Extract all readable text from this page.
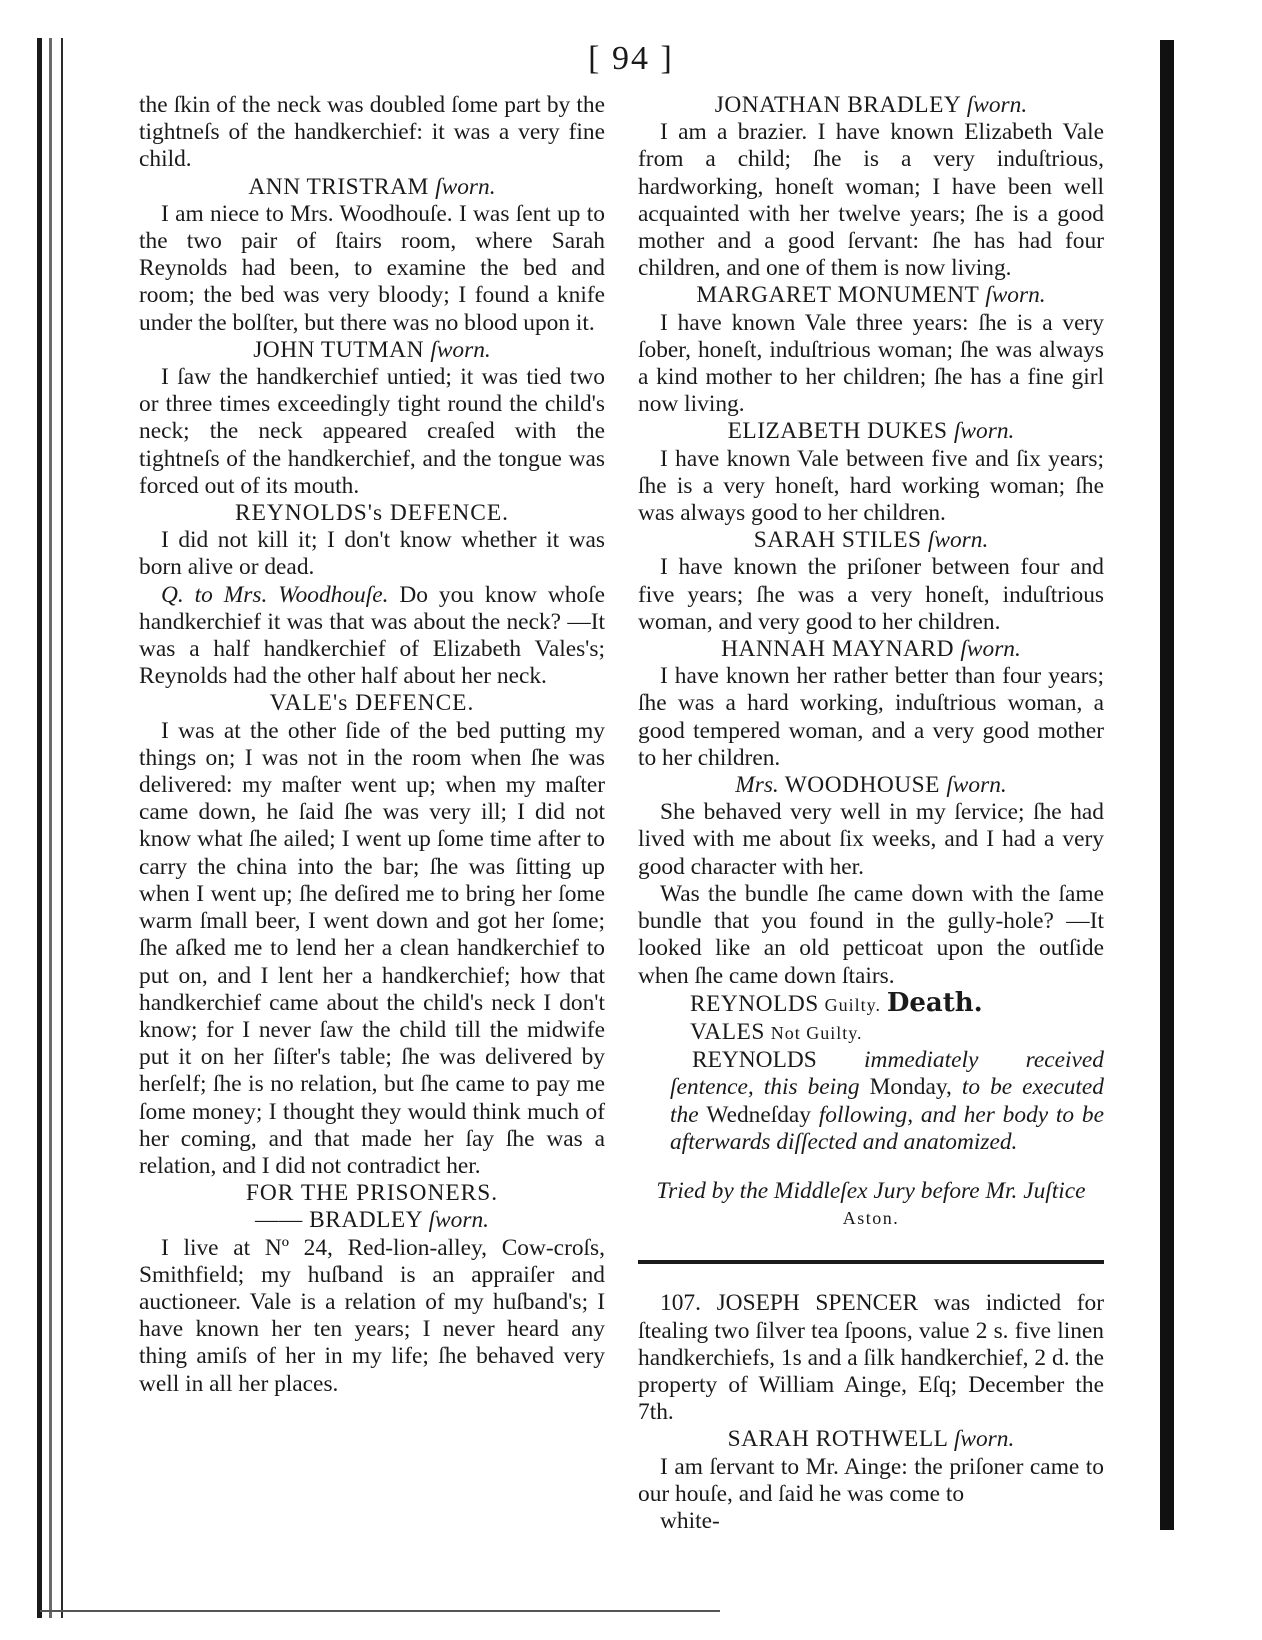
[ 94 ]

the ſkin of the neck was doubled ſome part by the tightneſs of the handkerchief: it was a very fine child.

ANN TRISTRAM ſworn.

I am niece to Mrs. Woodhouſe. I was ſent up to the two pair of ſtairs room, where Sarah Reynolds had been, to examine the bed and room; the bed was very bloody; I found a knife under the bolſter, but there was no blood upon it.

JOHN TUTMAN ſworn.

I ſaw the handkerchief untied; it was tied two or three times exceedingly tight round the child's neck; the neck appeared creaſed with the tightneſs of the handkerchief, and the tongue was forced out of its mouth.

REYNOLDS's DEFENCE.

I did not kill it; I don't know whether it was born alive or dead.

Q. to Mrs. Woodhouſe. Do you know whoſe handkerchief it was that was about the neck? —It was a half handkerchief of Elizabeth Vales's; Reynolds had the other half about her neck.

VALE's DEFENCE.

I was at the other ſide of the bed putting my things on; I was not in the room when ſhe was delivered: my maſter went up; when my maſter came down, he ſaid ſhe was very ill; I did not know what ſhe ailed; I went up ſome time after to carry the china into the bar; ſhe was ſitting up when I went up; ſhe deſired me to bring her ſome warm ſmall beer, I went down and got her ſome; ſhe aſked me to lend her a clean handkerchief to put on, and I lent her a handkerchief; how that handkerchief came about the child's neck I don't know; for I never ſaw the child till the midwife put it on her ſiſter's table; ſhe was delivered by herſelf; ſhe is no relation, but ſhe came to pay me ſome money; I thought they would think much of her coming, and that made her ſay ſhe was a relation, and I did not contradict her.

FOR THE PRISONERS.
—— BRADLEY ſworn.

I live at Nº 24, Red-lion-alley, Cow-croſs, Smithfield; my huſband is an appraiſer and auctioneer. Vale is a relation of my huſband's; I have known her ten years; I never heard any thing amiſs of her in my life; ſhe behaved very well in all her places.

JONATHAN BRADLEY ſworn.

I am a brazier. I have known Elizabeth Vale from a child; ſhe is a very induſtrious, hardworking, honeſt woman; I have been well acquainted with her twelve years; ſhe is a good mother and a good ſervant: ſhe has had four children, and one of them is now living.

MARGARET MONUMENT ſworn.

I have known Vale three years: ſhe is a very ſober, honeſt, induſtrious woman; ſhe was always a kind mother to her children; ſhe has a fine girl now living.

ELIZABETH DUKES ſworn.

I have known Vale between five and ſix years; ſhe is a very honeſt, hard working woman; ſhe was always good to her children.

SARAH STILES ſworn.

I have known the priſoner between four and five years; ſhe was a very honeſt, induſtrious woman, and very good to her children.

HANNAH MAYNARD ſworn.

I have known her rather better than four years; ſhe was a hard working, induſtrious woman, a good tempered woman, and a very good mother to her children.

Mrs. WOODHOUSE ſworn.

She behaved very well in my ſervice; ſhe had lived with me about ſix weeks, and I had a very good character with her.

Was the bundle ſhe came down with the ſame bundle that you found in the gully-hole? —It looked like an old petticoat upon the outſide when ſhe came down ſtairs.

REYNOLDS Guilty. Death.
VALES Not Guilty.

REYNOLDS immediately received ſentence, this being Monday, to be executed the Wedneſday following, and her body to be afterwards diſſected and anatomized.

Tried by the Middleſex Jury before Mr. Juſtice
Aston.

107. JOSEPH SPENCER was indicted for ſtealing two ſilver tea ſpoons, value 2 s. five linen handkerchiefs, 1s and a ſilk handkerchief, 2 d. the property of William Ainge, Eſq; December the 7th.

SARAH ROTHWELL ſworn.

I am ſervant to Mr. Ainge: the priſoner came to our houſe, and ſaid he was come to

white-
